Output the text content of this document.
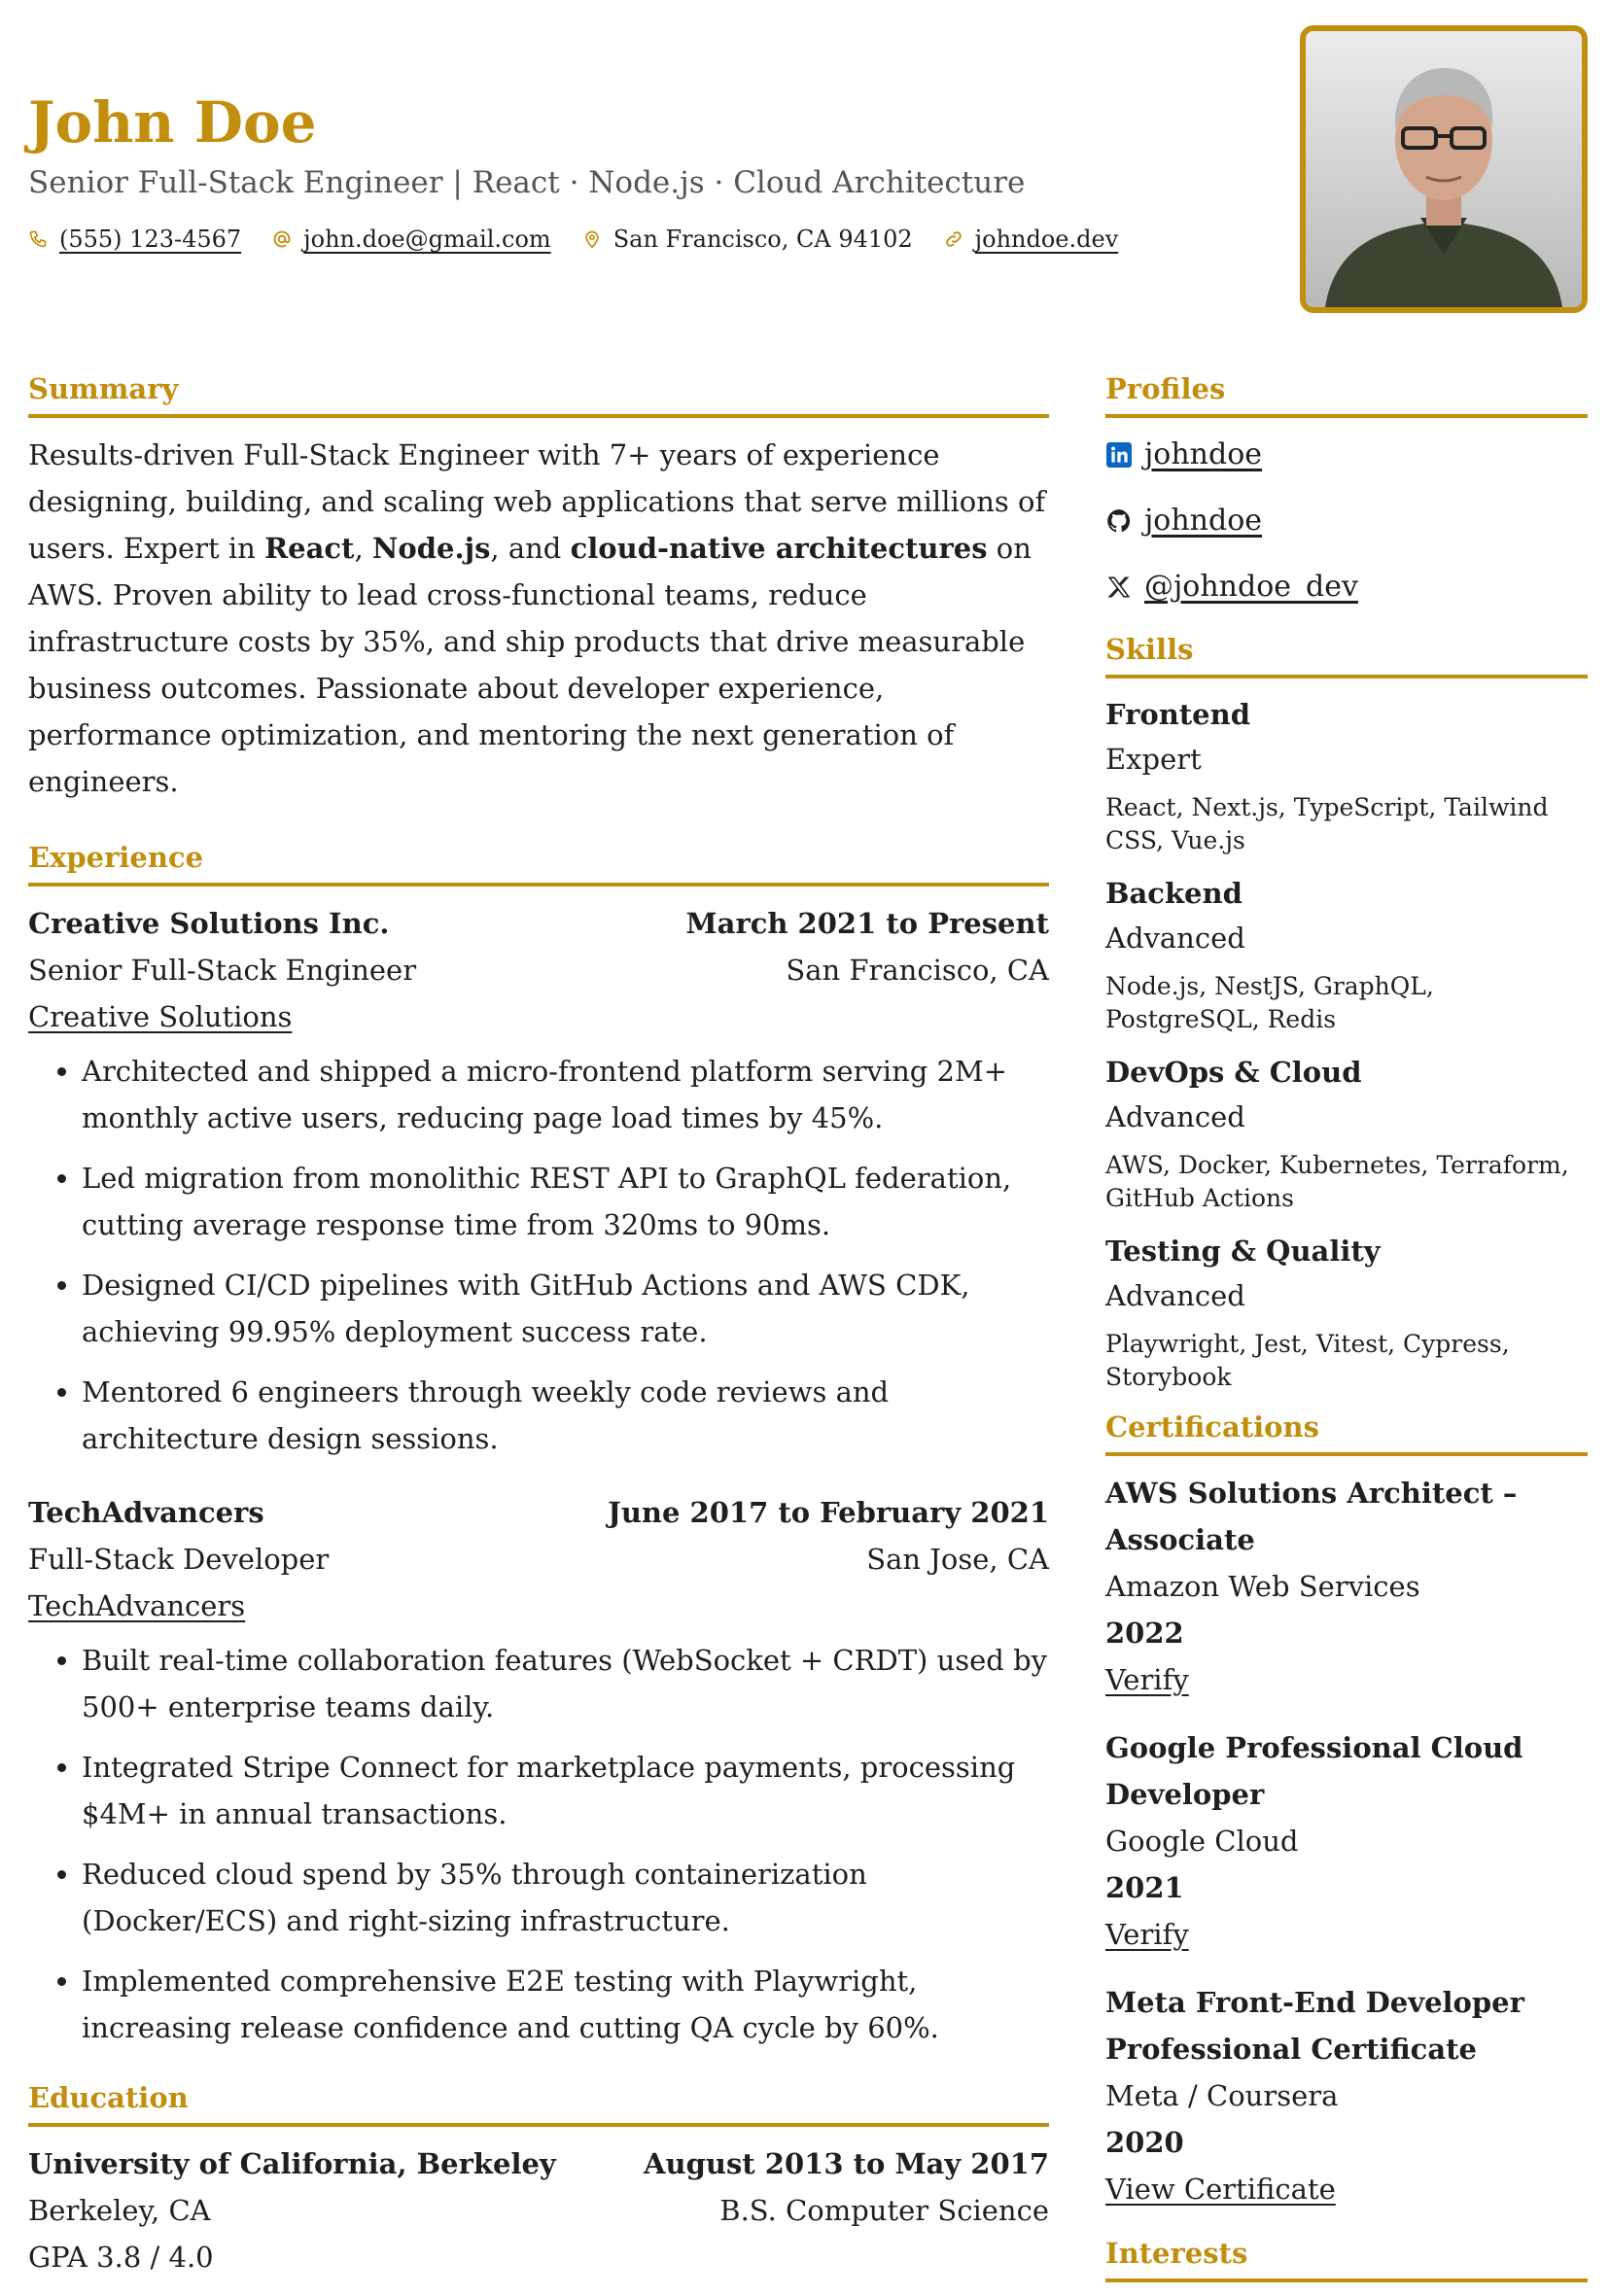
John Doe
Senior Full-Stack Engineer | React · Node.js · Cloud Architecture
(555) 123-4567	john.doe@gmail.com	San Francisco, CA 94102	johndoe.dev
Summary

Results-driven Full-Stack Engineer with 7+ years of experience designing, building, and scaling web applications that serve millions of users. Expert in React, Node.js, and cloud-native architectures on AWS. Proven ability to lead cross-functional teams, reduce infrastructure costs by 35%, and ship products that drive measurable business outcomes. Passionate about developer experience, performance optimization, and mentoring the next generation of engineers.

Experience
Creative Solutions Inc.	March 2021 to Present
Senior Full-Stack Engineer	San Francisco, CA
Creative Solutions
• Architected and shipped a micro-frontend platform serving 2M+ monthly active users, reducing page load times by 45%.
• Led migration from monolithic REST API to GraphQL federation, cutting average response time from 320ms to 90ms.
• Designed CI/CD pipelines with GitHub Actions and AWS CDK, achieving 99.95% deployment success rate.
• Mentored 6 engineers through weekly code reviews and architecture design sessions.
TechAdvancers	June 2017 to February 2021
Full-Stack Developer	San Jose, CA
TechAdvancers
• Built real-time collaboration features (WebSocket + CRDT) used by 500+ enterprise teams daily.
• Integrated Stripe Connect for marketplace payments, processing $4M+ in annual transactions.
• Reduced cloud spend by 35% through containerization (Docker/ECS) and right-sizing infrastructure.
• Implemented comprehensive E2E testing with Playwright, increasing release confidence and cutting QA cycle by 60%.
Education
University of California, Berkeley	August 2013 to May 2017
Berkeley, CA	B.S. Computer Science
GPA 3.8 / 4.0
Profiles
johndoe
johndoe
@johndoe_dev
Skills
Frontend
Expert
React, Next.js, TypeScript, Tailwind CSS, Vue.js
Backend
Advanced
Node.js, NestJS, GraphQL, PostgreSQL, Redis
DevOps & Cloud
Advanced
AWS, Docker, Kubernetes, Terraform, GitHub Actions
Testing & Quality
Advanced
Playwright, Jest, Vitest, Cypress, Storybook
Certifications
AWS Solutions Architect – Associate
Amazon Web Services
2022
Verify
Google Professional Cloud Developer
Google Cloud
2021
Verify
Meta Front-End Developer Professional Certificate
Meta / Coursera
2020
View Certificate
Interests
